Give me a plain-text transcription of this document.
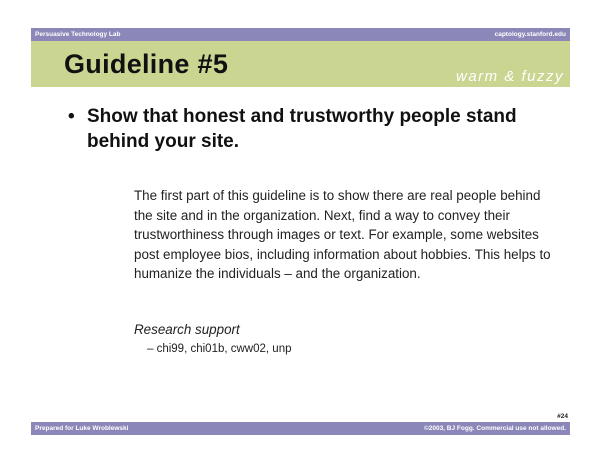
Persuasive Technology Lab	captology.stanford.edu
Guideline #5	warm & fuzzy
• Show that honest and trustworthy people stand behind your site.
The first part of this guideline is to show there are real people behind the site and in the organization. Next, find a way to convey their trustworthiness through images or text. For example, some websites post employee bios, including information about hobbies. This helps to humanize the individuals – and the organization.
Research support
– chi99, chi01b, cww02, unp
#24
Prepared for Luke Wroblewski	©2003, BJ Fogg. Commercial use not allowed.
